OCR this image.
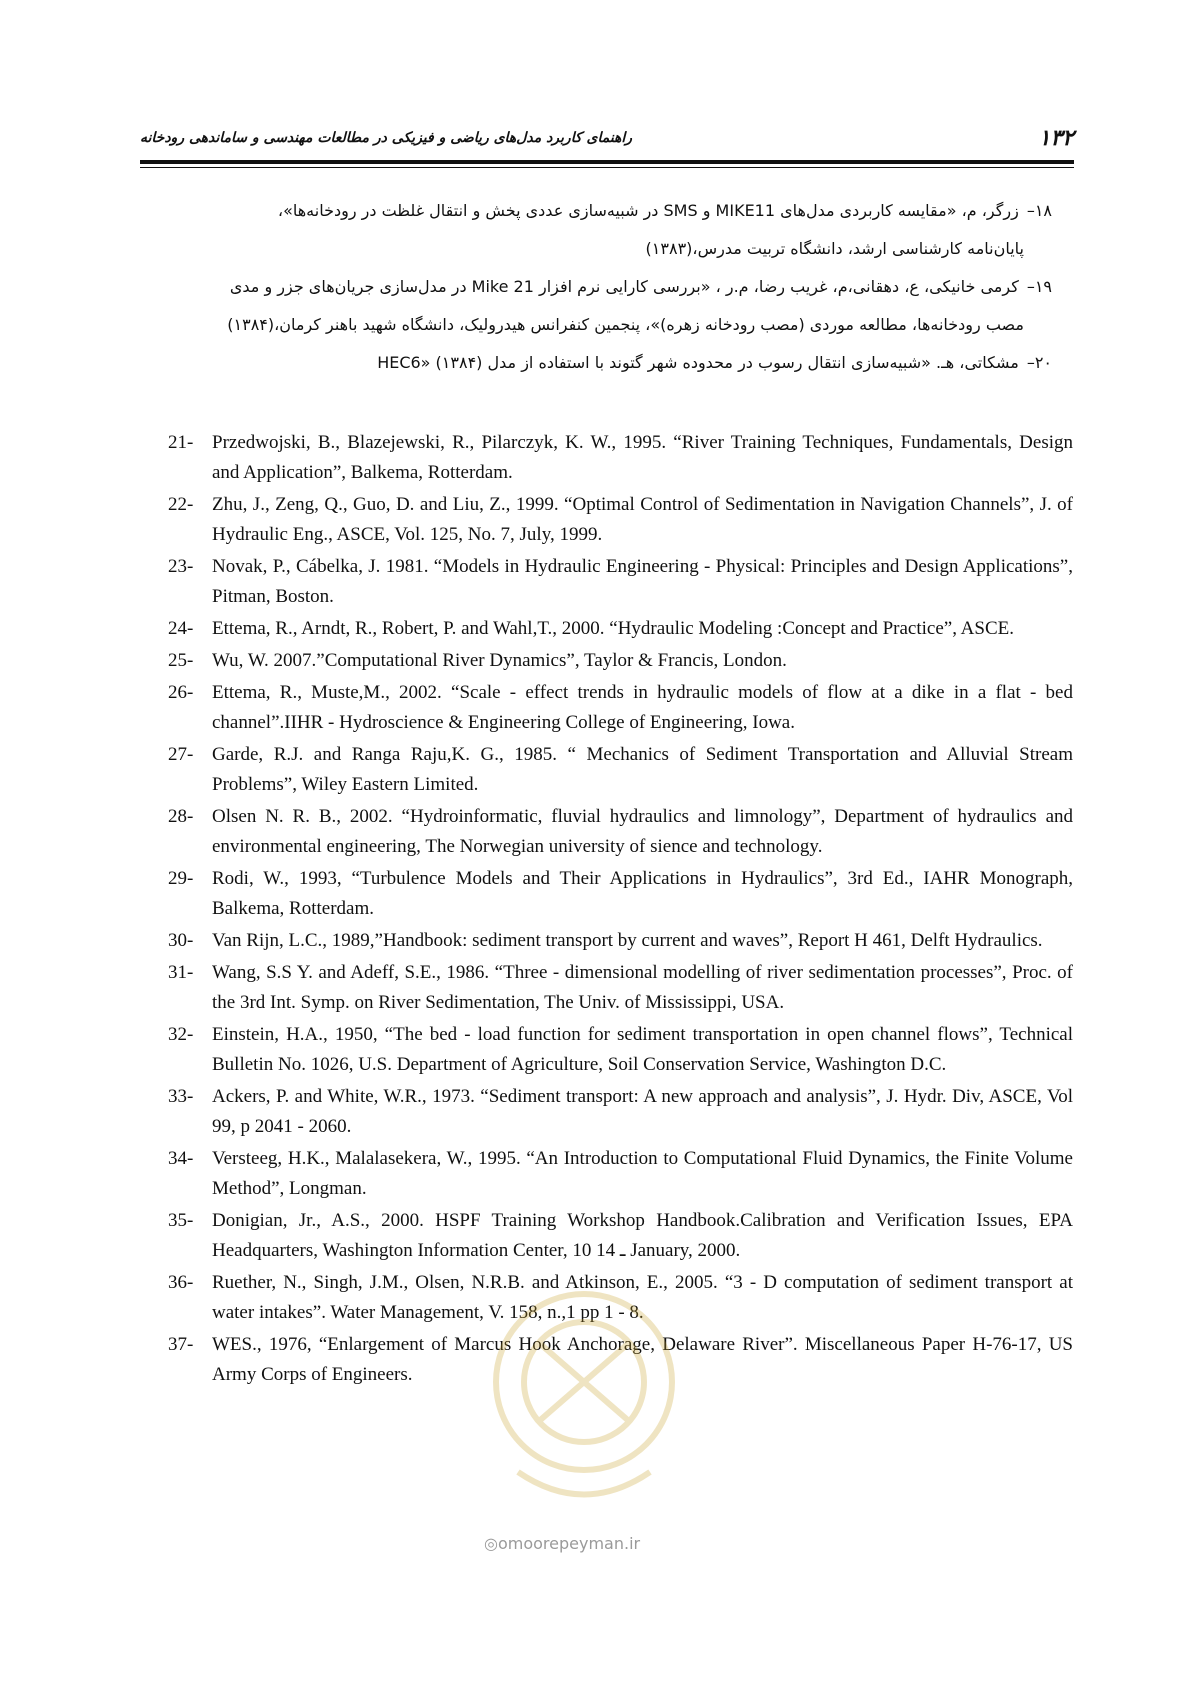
۱۳۲
راهنمای کاربرد مدل‌های ریاضی و فیزیکی در مطالعات مهندسی و ساماندهی رودخانه
۱۸–زرگر، م، «مقایسه کاربردی مدل‌های MIKE11 و SMS در شبیه‌سازی عددی پخش و انتقال غلظت در رودخانه‌ها»،
پایان‌نامه کارشناسی ارشد، دانشگاه تربیت مدرس،(۱۳۸۳)
۱۹–کرمی خانیکی، ع، دهقانی،م، غریب رضا، م.ر ، «بررسی کارایی نرم افزار Mike 21 در مدل‌سازی جریان‌های جزر و مدی
مصب رودخانه‌ها، مطالعه موردی (مصب رودخانه زهره)»، پنجمین کنفرانس هیدرولیک، دانشگاه شهید باهنر کرمان،(۱۳۸۴)
۲۰–مشکاتی، هـ. «شبیه‌سازی انتقال رسوب در محدوده شهر گتوند با استفاده از مدل HEC6» (۱۳۸۴)
21- Przedwojski, B., Blazejewski, R., Pilarczyk, K. W., 1995. “River Training Techniques, Fundamentals, Design and Application”, Balkema, Rotterdam.
22- Zhu, J., Zeng, Q., Guo, D. and Liu, Z., 1999. “Optimal Control of Sedimentation in Navigation Channels”, J. of Hydraulic Eng., ASCE, Vol. 125, No. 7, July, 1999.
23- Novak, P., Cábelka, J. 1981. “Models in Hydraulic Engineering - Physical: Principles and Design Applications”, Pitman, Boston.
24- Ettema, R., Arndt, R., Robert, P. and Wahl,T., 2000. “Hydraulic Modeling :Concept and Practice”, ASCE.
25- Wu, W. 2007.”Computational River Dynamics”, Taylor & Francis, London.
26- Ettema, R., Muste,M., 2002. “Scale - effect trends in hydraulic models of flow at a dike in a flat - bed channel”.IIHR - Hydroscience & Engineering College of Engineering, Iowa.
27- Garde, R.J. and Ranga Raju,K. G., 1985. “ Mechanics of Sediment Transportation and Alluvial Stream Problems”, Wiley Eastern Limited.
28- Olsen N. R. B., 2002. “Hydroinformatic, fluvial hydraulics and limnology”, Department of hydraulics and environmental engineering, The Norwegian university of sience and technology.
29- Rodi, W., 1993, “Turbulence Models and Their Applications in Hydraulics”, 3rd Ed., IAHR Monograph, Balkema, Rotterdam.
30- Van Rijn, L.C., 1989,”Handbook: sediment transport by current and waves”, Report H 461, Delft Hydraulics.
31- Wang, S.S Y. and Adeff, S.E., 1986. “Three - dimensional modelling of river sedimentation processes”, Proc. of the 3rd Int. Symp. on River Sedimentation, The Univ. of Mississippi, USA.
32- Einstein, H.A., 1950, “The bed - load function for sediment transportation in open channel flows”, Technical Bulletin No. 1026, U.S. Department of Agriculture, Soil Conservation Service, Washington D.C.
33- Ackers, P. and White, W.R., 1973. “Sediment transport: A new approach and analysis”, J. Hydr. Div, ASCE, Vol 99, p 2041 - 2060.
34- Versteeg, H.K., Malalasekera, W., 1995. “An Introduction to Computational Fluid Dynamics, the Finite Volume Method”, Longman.
35- Donigian, Jr., A.S., 2000. HSPF Training Workshop Handbook.Calibration and Verification Issues, EPA Headquarters, Washington Information Center, 10 ـ 14 January, 2000.
36- Ruether, N., Singh, J.M., Olsen, N.R.B. and Atkinson, E., 2005. “3 - D computation of sediment transport at water intakes”. Water Management, V. 158, n.,1 pp 1 - 8.
37- WES., 1976, “Enlargement of Marcus Hook Anchorage, Delaware River”. Miscellaneous Paper H-76-17, US Army Corps of Engineers.
◎omoorepeyman.ir
